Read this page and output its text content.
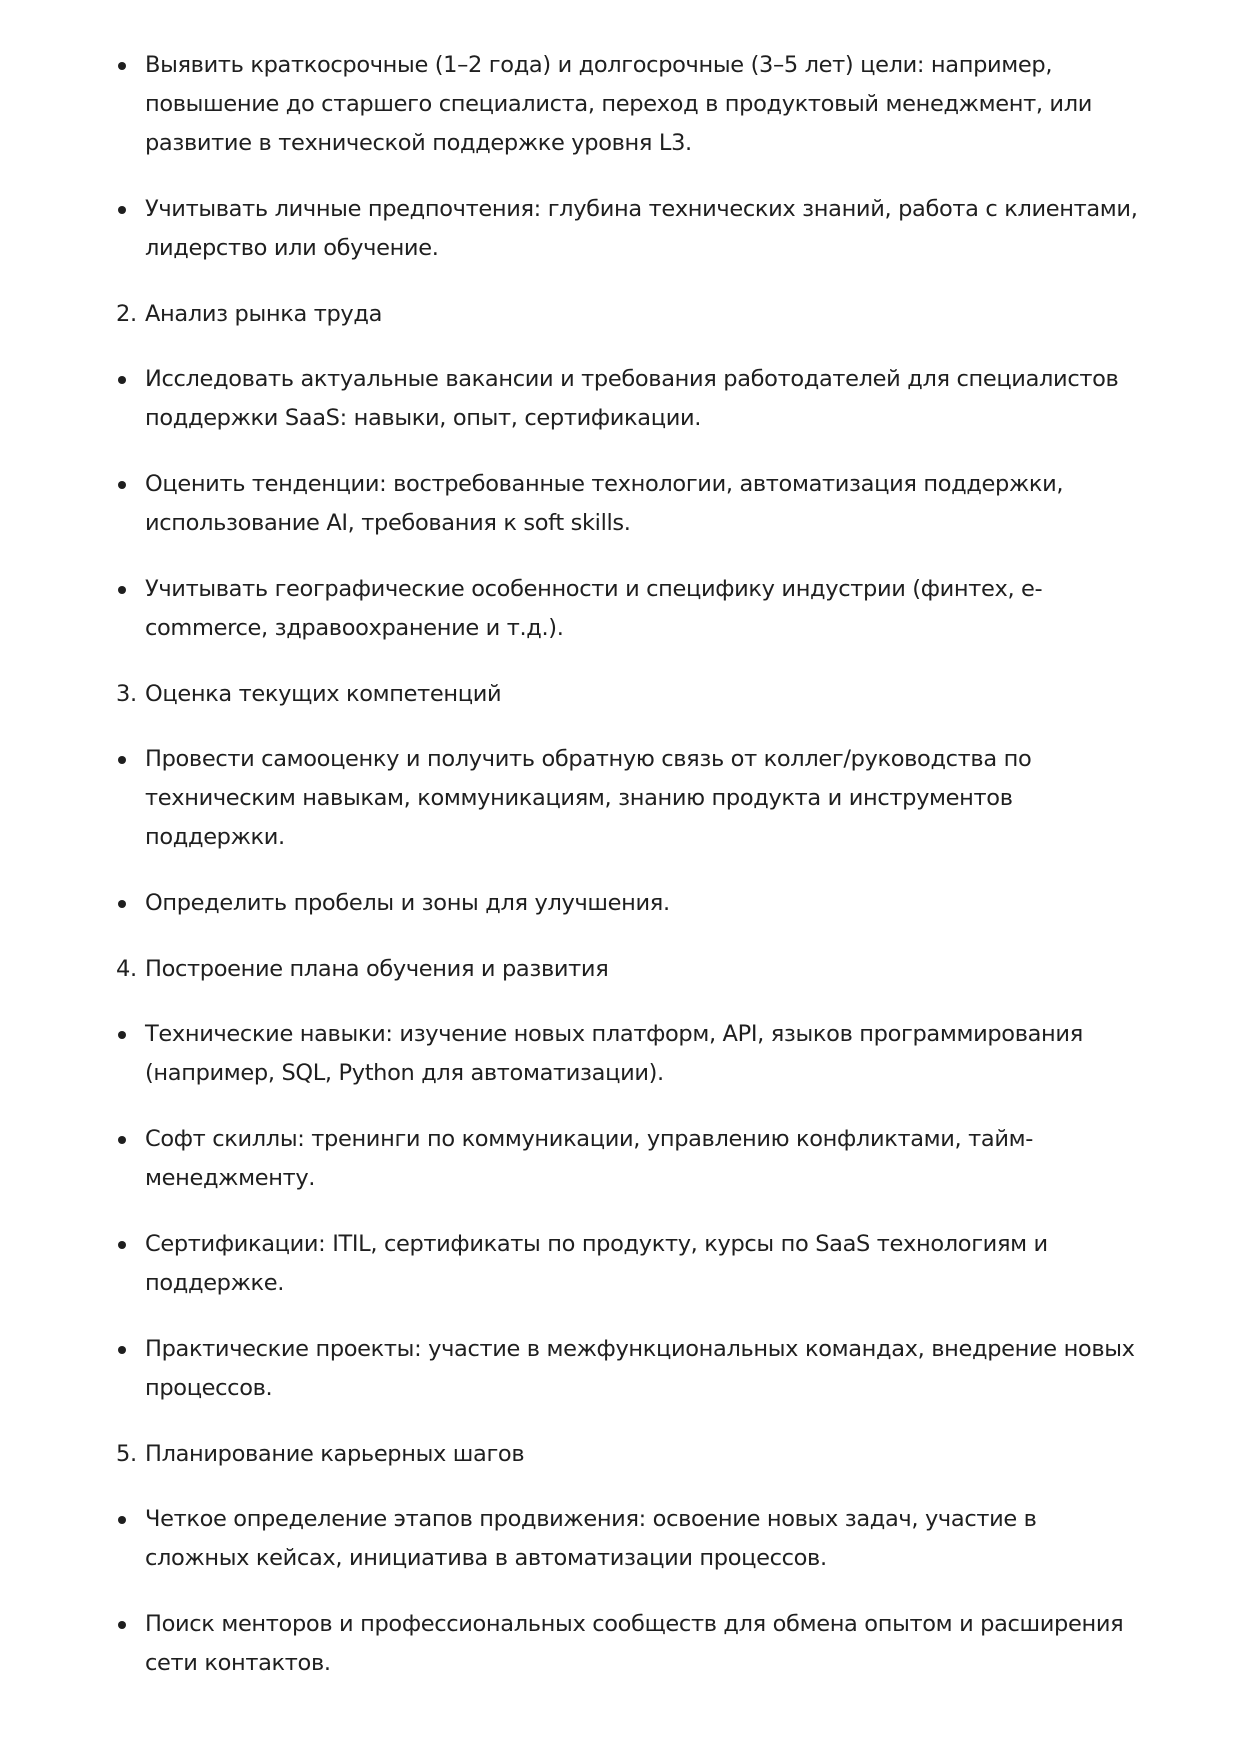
Выявить краткосрочные (1–2 года) и долгосрочные (3–5 лет) цели: например, повышение до старшего специалиста, переход в продуктовый менеджмент, или развитие в технической поддержке уровня L3.
Учитывать личные предпочтения: глубина технических знаний, работа с клиентами, лидерство или обучение.
2. Анализ рынка труда
Исследовать актуальные вакансии и требования работодателей для специалистов поддержки SaaS: навыки, опыт, сертификации.
Оценить тенденции: востребованные технологии, автоматизация поддержки, использование AI, требования к soft skills.
Учитывать географические особенности и специфику индустрии (финтех, e-commerce, здравоохранение и т.д.).
3. Оценка текущих компетенций
Провести самооценку и получить обратную связь от коллег/руководства по техническим навыкам, коммуникациям, знанию продукта и инструментов поддержки.
Определить пробелы и зоны для улучшения.
4. Построение плана обучения и развития
Технические навыки: изучение новых платформ, API, языков программирования (например, SQL, Python для автоматизации).
Софт скиллы: тренинги по коммуникации, управлению конфликтами, тайм-менеджменту.
Сертификации: ITIL, сертификаты по продукту, курсы по SaaS технологиям и поддержке.
Практические проекты: участие в межфункциональных командах, внедрение новых процессов.
5. Планирование карьерных шагов
Четкое определение этапов продвижения: освоение новых задач, участие в сложных кейсах, инициатива в автоматизации процессов.
Поиск менторов и профессиональных сообществ для обмена опытом и расширения сети контактов.
